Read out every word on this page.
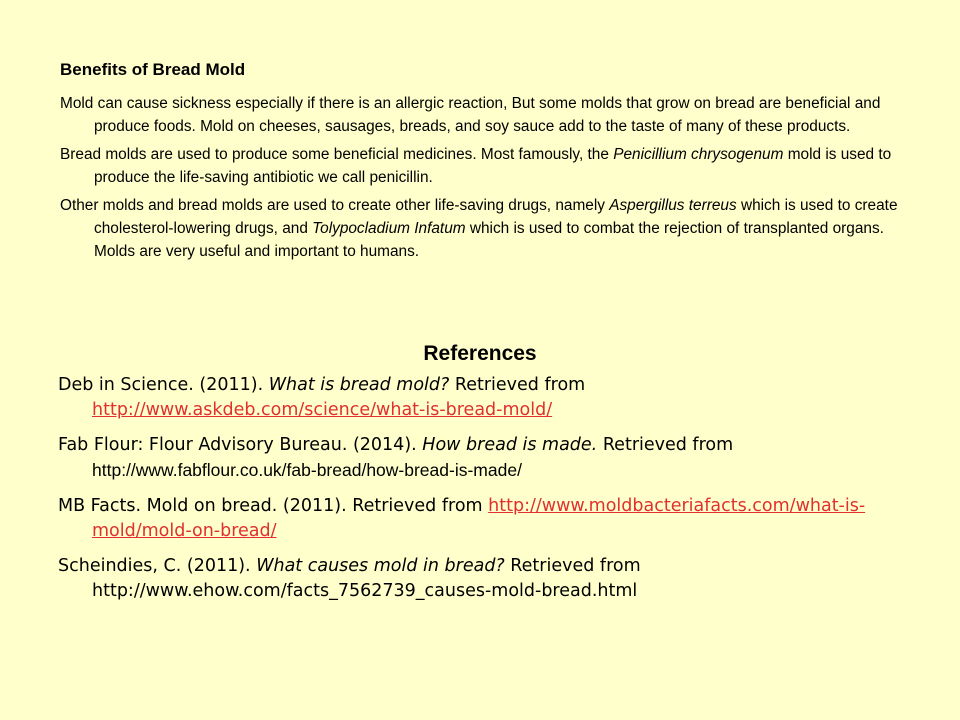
Benefits of Bread Mold

Mold can cause sickness especially if there is an allergic reaction, But some molds that grow on bread are beneficial and produce foods. Mold on cheeses, sausages, breads, and soy sauce add to the taste of many of these products.

Bread molds are used to produce some beneficial medicines. Most famously, the Penicillium chrysogenum mold is used to produce the life-saving antibiotic we call penicillin.

Other molds and bread molds are used to create other life-saving drugs, namely Aspergillus terreus which is used to create cholesterol-lowering drugs, and Tolypocladium Infatum which is used to combat the rejection of transplanted organs. Molds are very useful and important to humans.

References

Deb in Science. (2011). What is bread mold? Retrieved from http://www.askdeb.com/science/what-is-bread-mold/

Fab Flour: Flour Advisory Bureau. (2014). How bread is made. Retrieved from http://www.fabflour.co.uk/fab-bread/how-bread-is-made/

MB Facts. Mold on bread. (2011). Retrieved from http://www.moldbacteriafacts.com/what-is-mold/mold-on-bread/

Scheindies, C. (2011). What causes mold in bread? Retrieved from http://www.ehow.com/facts_7562739_causes-mold-bread.html
